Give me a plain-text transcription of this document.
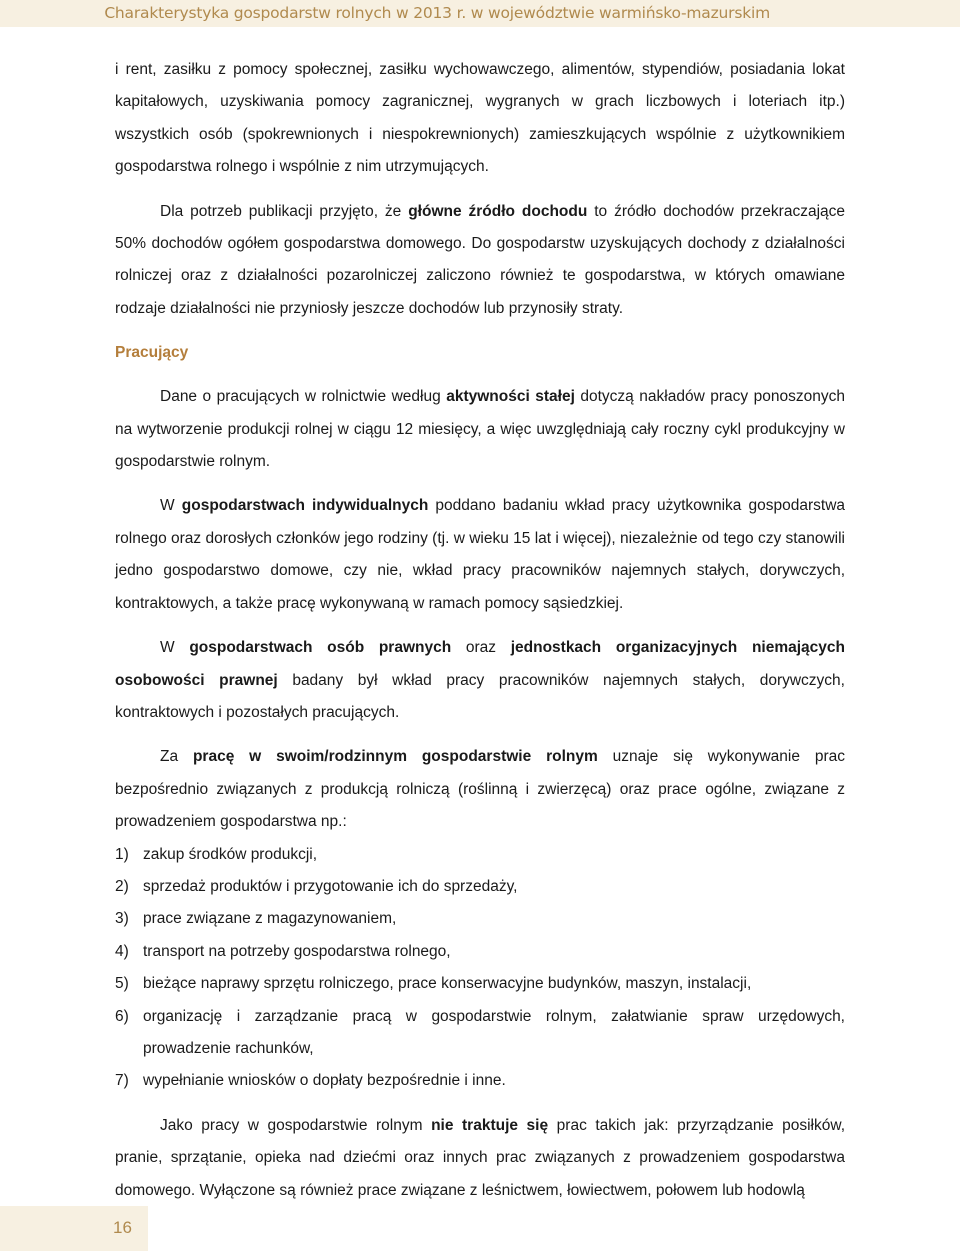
Charakterystyka gospodarstw rolnych w 2013 r. w województwie warmińsko-mazurskim

i rent, zasiłku z pomocy społecznej, zasiłku wychowawczego, alimentów, stypendiów, posiadania lokat kapitałowych, uzyskiwania pomocy zagranicznej, wygranych w grach liczbowych i loteriach itp.) wszystkich osób (spokrewnionych i niespokrewnionych) zamieszkujących wspólnie z użytkownikiem gospodarstwa rolnego i wspólnie z nim utrzymujących.

Dla potrzeb publikacji przyjęto, że główne źródło dochodu to źródło dochodów przekraczające 50% dochodów ogółem gospodarstwa domowego. Do gospodarstw uzyskujących dochody z działalności rolniczej oraz z działalności pozarolniczej zaliczono również te gospodarstwa, w których omawiane rodzaje działalności nie przyniosły jeszcze dochodów lub przynosiły straty.

Pracujący

Dane o pracujących w rolnictwie według aktywności stałej dotyczą nakładów pracy ponoszonych na wytworzenie produkcji rolnej w ciągu 12 miesięcy, a więc uwzględniają cały roczny cykl produkcyjny w gospodarstwie rolnym.

W gospodarstwach indywidualnych poddano badaniu wkład pracy użytkownika gospodarstwa rolnego oraz dorosłych członków jego rodziny (tj. w wieku 15 lat i więcej), niezależnie od tego czy stanowili jedno gospodarstwo domowe, czy nie, wkład pracy pracowników najemnych stałych, dorywczych, kontraktowych, a także pracę wykonywaną w ramach pomocy sąsiedzkiej.

W gospodarstwach osób prawnych oraz jednostkach organizacyjnych niemających osobowości prawnej badany był wkład pracy pracowników najemnych stałych, dorywczych, kontraktowych i pozostałych pracujących.

Za pracę w swoim/rodzinnym gospodarstwie rolnym uznaje się wykonywanie prac bezpośrednio związanych z produkcją rolniczą (roślinną i zwierzęcą) oraz prace ogólne, związane z prowadzeniem gospodarstwa np.:

1) zakup środków produkcji,
2) sprzedaż produktów i przygotowanie ich do sprzedaży,
3) prace związane z magazynowaniem,
4) transport na potrzeby gospodarstwa rolnego,
5) bieżące naprawy sprzętu rolniczego, prace konserwacyjne budynków, maszyn, instalacji,
6) organizację i zarządzanie pracą w gospodarstwie rolnym, załatwianie spraw urzędowych, prowadzenie rachunków,
7) wypełnianie wniosków o dopłaty bezpośrednie i inne.

Jako pracy w gospodarstwie rolnym nie traktuje się prac takich jak: przyrządzanie posiłków, pranie, sprzątanie, opieka nad dziećmi oraz innych prac związanych z prowadzeniem gospodarstwa domowego. Wyłączone są również prace związane z leśnictwem, łowiectwem, połowem lub hodowlą

16
